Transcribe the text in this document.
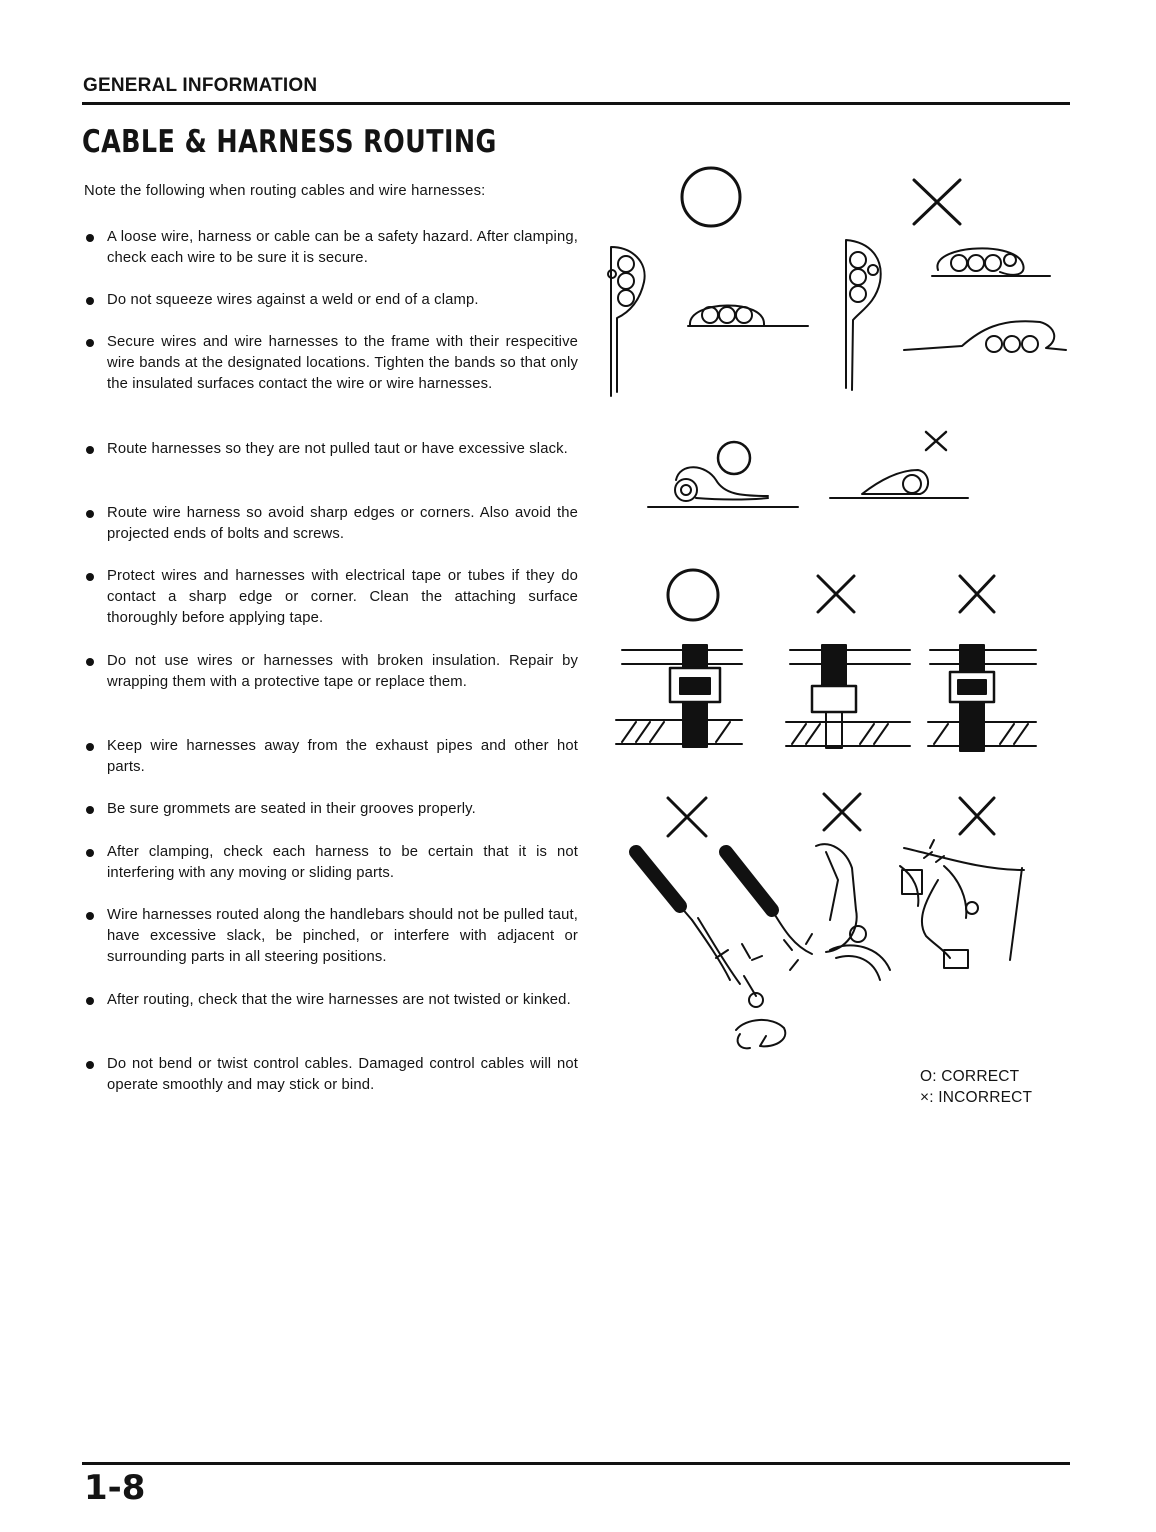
GENERAL INFORMATION
CABLE & HARNESS ROUTING
Note the following when routing cables and wire harnesses:
A loose wire, harness or cable can be a safety hazard. After clamping, check each wire to be sure it is secure.
Do not squeeze wires against a weld or end of a clamp.
Secure wires and wire harnesses to the frame with their respecitive wire bands at the designated locations. Tighten the bands so that only the insulated surfaces contact the wire or wire harnesses.
Route harnesses so they are not pulled taut or have excessive slack.
Route wire harness so avoid sharp edges or corners. Also avoid the projected ends of bolts and screws.
Protect wires and harnesses with electrical tape or tubes if they do contact a sharp edge or corner. Clean the attaching surface thoroughly before applying tape.
Do not use wires or harnesses with broken insulation. Repair by wrapping them with a protective tape or replace them.
Keep wire harnesses away from the exhaust pipes and other hot parts.
Be sure grommets are seated in their grooves properly.
After clamping, check each harness to be certain that it is not interfering with any moving or sliding parts.
Wire harnesses routed along the handlebars should not be pulled taut, have excessive slack, be pinched, or interfere with adjacent or surrounding parts in all steering positions.
After routing, check that the wire harnesses are not twisted or kinked.
Do not bend or twist control cables. Damaged control cables will not operate smoothly and may stick or bind.	O: CORRECT
×: INCORRECT
1-8
